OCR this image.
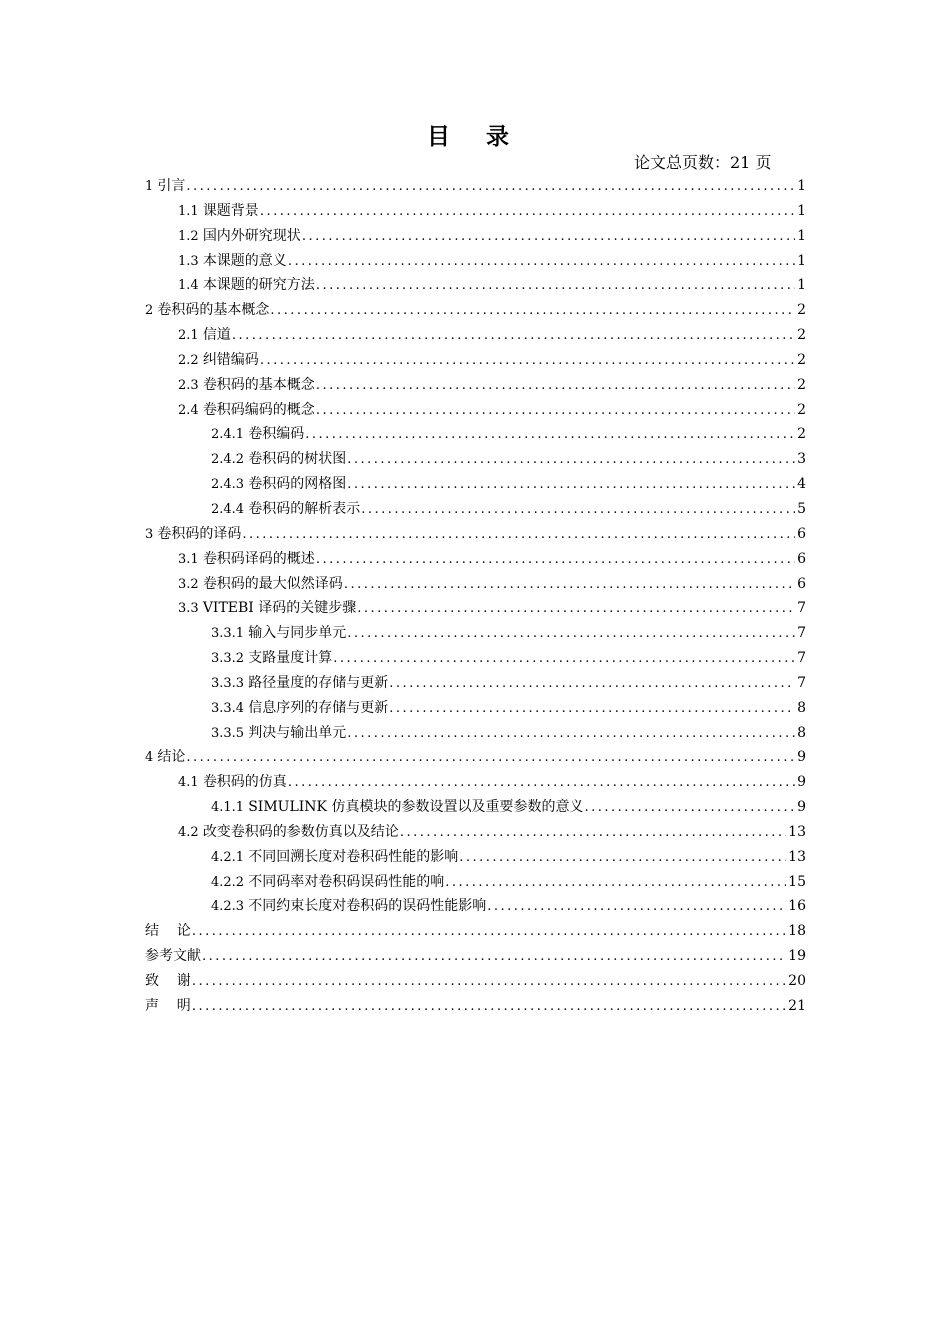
目 录
论文总页数：21 页
1 引言 .....	1
1.1 课题背景 .....	1
1.2 国内外研究现状 .....	1
1.3 本课题的意义 .....	1
1.4 本课题的研究方法 .....	1
2 卷积码的基本概念 .....	2
2.1 信道 .....	2
2.2 纠错编码 .....	2
2.3 卷积码的基本概念 .....	2
2.4 卷积码编码的概念 .....	2
2.4.1 卷积编码 .....	2
2.4.2 卷积码的树状图 .....	3
2.4.3 卷积码的网格图 .....	4
2.4.4 卷积码的解析表示 .....	5
3 卷积码的译码 .....	6
3.1 卷积码译码的概述 .....	6
3.2 卷积码的最大似然译码 .....	6
3.3 VITEBI 译码的关键步骤 .....	7
3.3.1 输入与同步单元 .....	7
3.3.2 支路量度计算 .....	7
3.3.3 路径量度的存储与更新 .....	7
3.3.4 信息序列的存储与更新 .....	8
3.3.5 判决与输出单元 .....	8
4 结论 .....	9
4.1 卷积码的仿真 .....	9
4.1.1 SIMULINK 仿真模块的参数设置以及重要参数的意义 .....	9
4.2 改变卷积码的参数仿真以及结论 .....	13
4.2.1 不同回溯长度对卷积码性能的影响 .....	13
4.2.2 不同码率对卷积码误码性能的响 .....	15
4.2.3 不同约束长度对卷积码的误码性能影响 .....	16
结    论 .....	18
参考文献 .....	19
致    谢 .....	20
声    明 .....	21
